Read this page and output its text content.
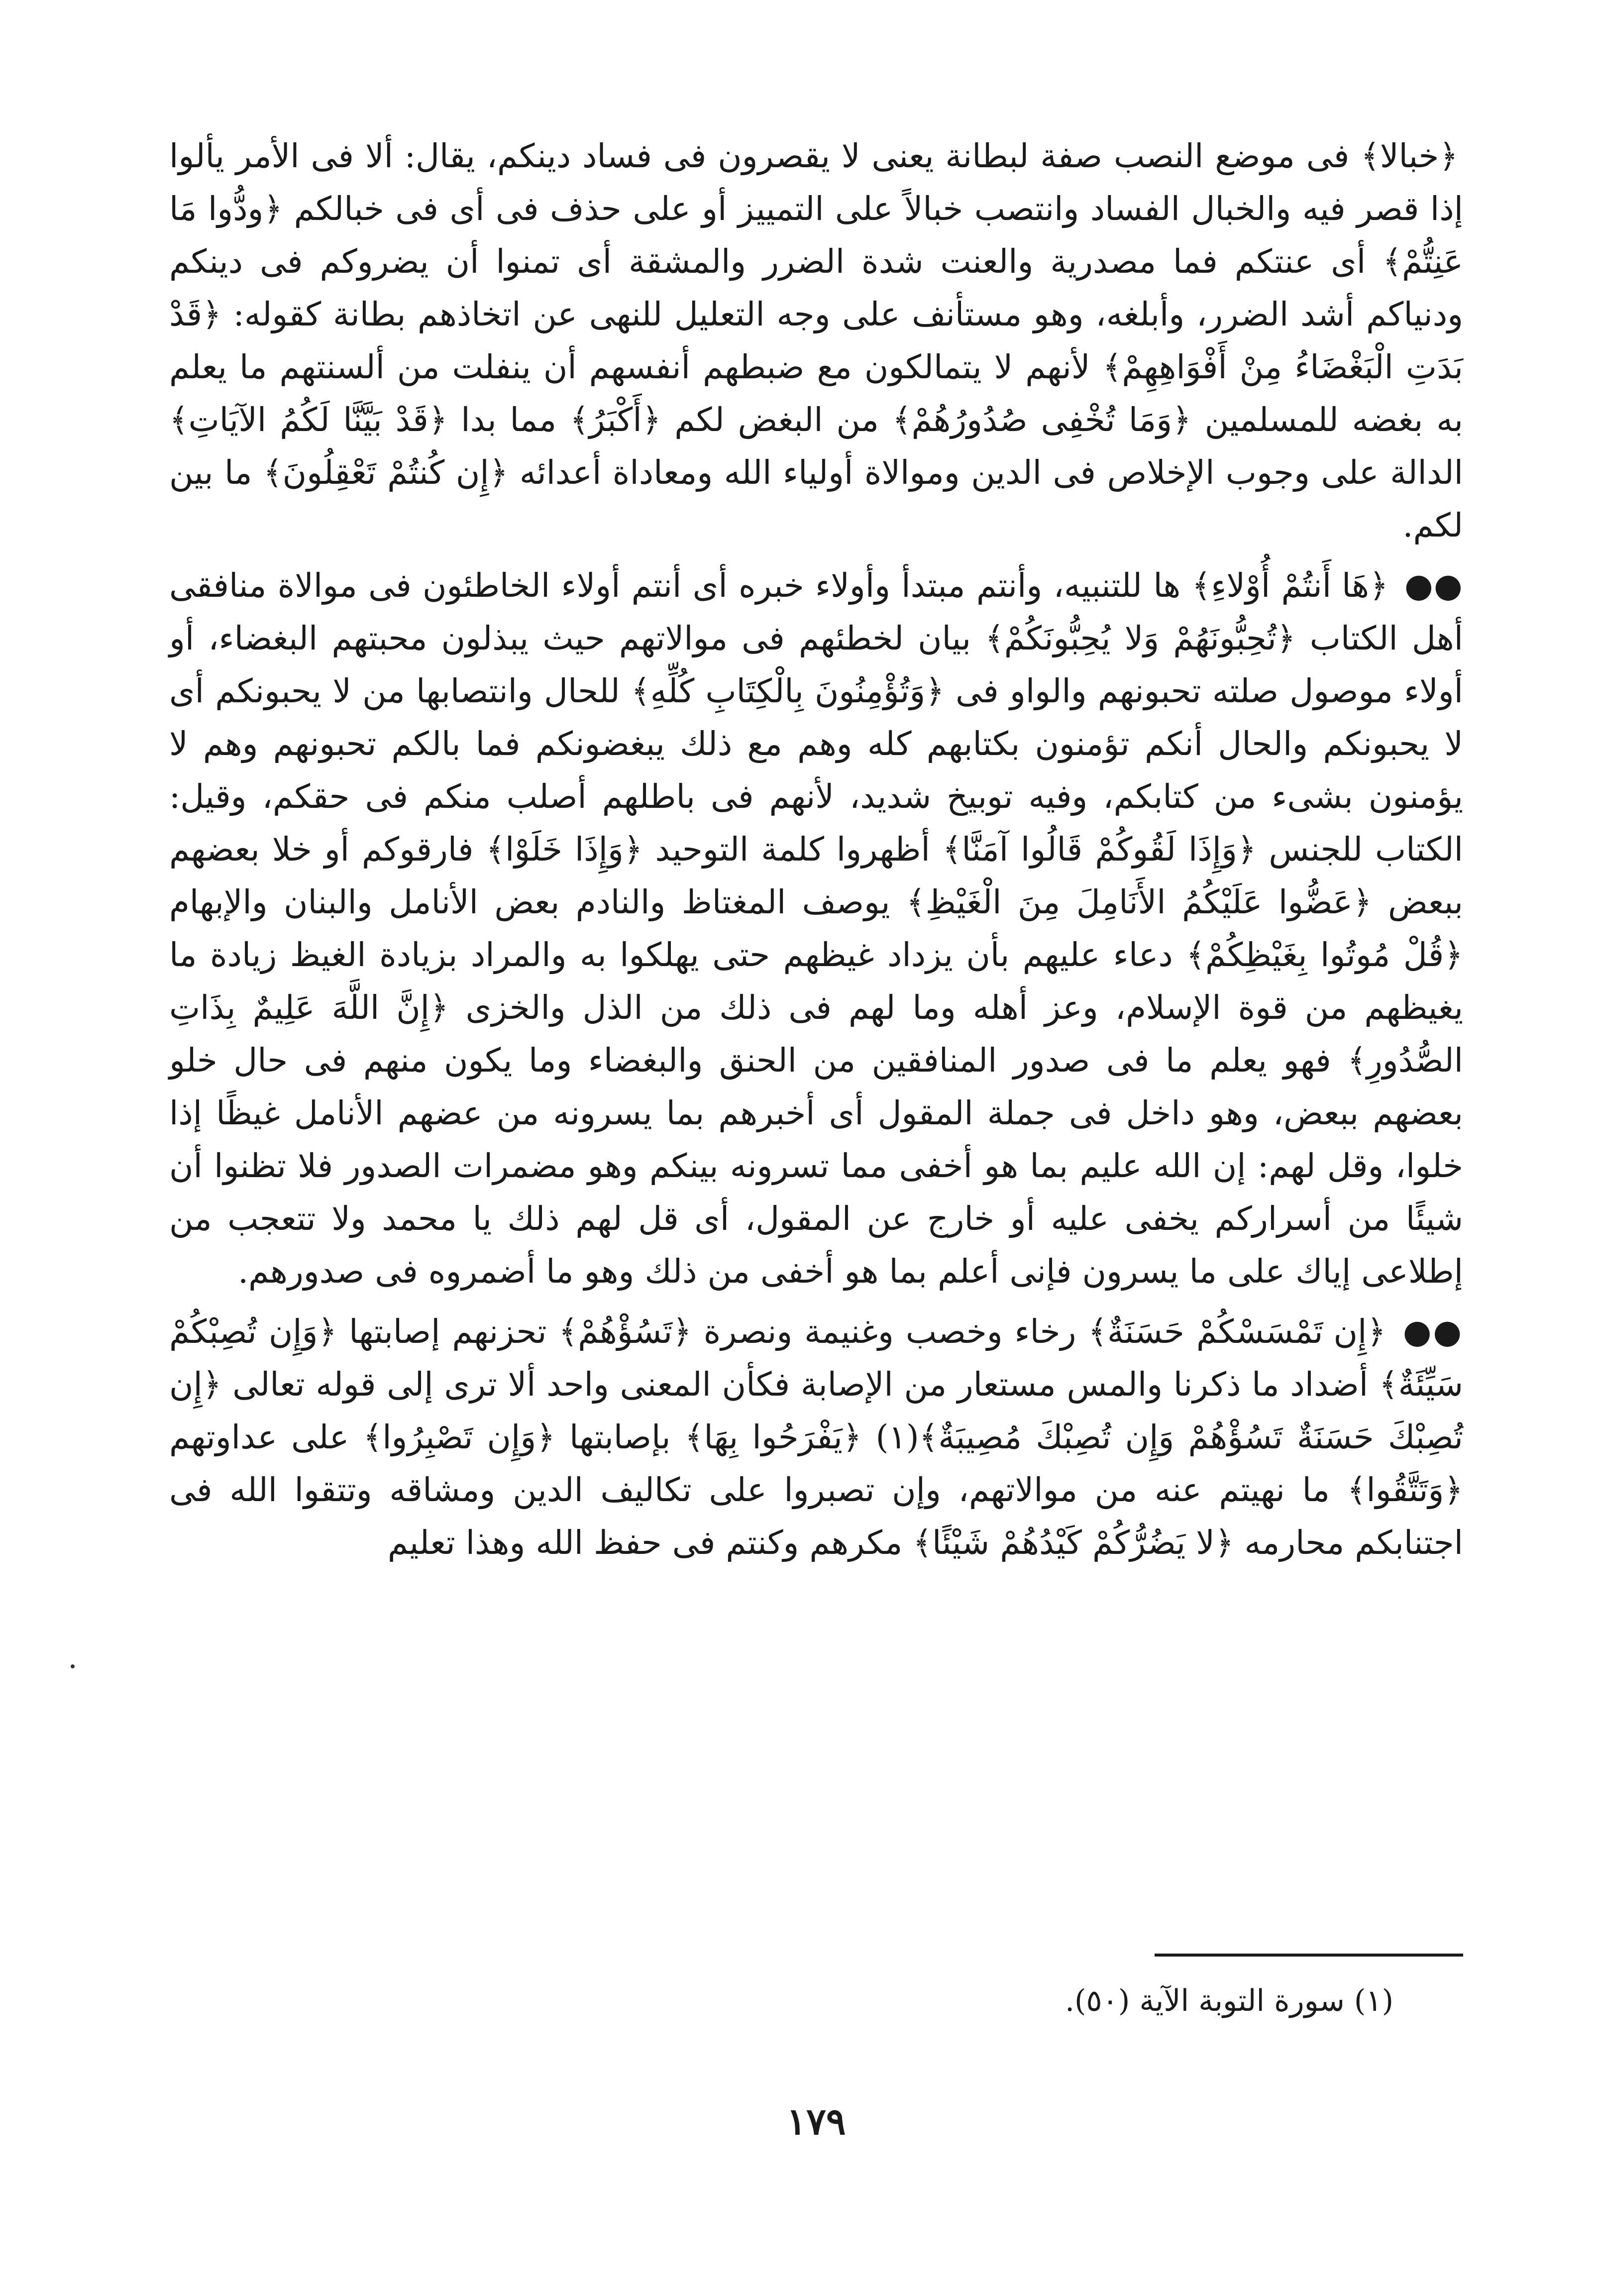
﴿خبالا﴾ فى موضع النصب صفة لبطانة يعنى لا يقصرون فى فساد دينكم، يقال: ألا فى الأمر يألوا إذا قصر فيه والخبال الفساد وانتصب خبالاً على التمييز أو على حذف فى أى فى خبالكم ﴿ودُّوا مَا عَنِتُّمْ﴾ أى عنتكم فما مصدرية والعنت شدة الضرر والمشقة أى تمنوا أن يضروكم فى دينكم ودنياكم أشد الضرر، وأبلغه، وهو مستأنف على وجه التعليل للنهى عن اتخاذهم بطانة كقوله: ﴿قَدْ بَدَتِ الْبَغْضَاءُ مِنْ أَفْوَاهِهِمْ﴾ لأنهم لا يتمالكون مع ضبطهم أنفسهم أن ينفلت من ألسنتهم ما يعلم به بغضه للمسلمين ﴿وَمَا تُخْفِى صُدُورُهُمْ﴾ من البغض لكم ﴿أَكْبَرُ﴾ مما بدا ﴿قَدْ بَيَّنَّا لَكُمُ الآيَاتِ﴾ الدالة على وجوب الإخلاص فى الدين وموالاة أولياء الله ومعاداة أعدائه ﴿إِن كُنتُمْ تَعْقِلُونَ﴾ ما بين لكم.

●● ﴿هَا أَنتُمْ أُوْلاءِ﴾ ها للتنبيه، وأنتم مبتدأ وأولاء خبره أى أنتم أولاء الخاطئون فى موالاة منافقى أهل الكتاب ﴿تُحِبُّونَهُمْ وَلا يُحِبُّونَكُمْ﴾ بيان لخطئهم فى موالاتهم حيث يبذلون محبتهم البغضاء، أو أولاء موصول صلته تحبونهم والواو فى ﴿وَتُؤْمِنُونَ بِالْكِتَابِ كُلِّهِ﴾ للحال وانتصابها من لا يحبونكم أى لا يحبونكم والحال أنكم تؤمنون بكتابهم كله وهم مع ذلك يبغضونكم فما بالكم تحبونهم وهم لا يؤمنون بشىء من كتابكم، وفيه توبيخ شديد، لأنهم فى باطلهم أصلب منكم فى حقكم، وقيل: الكتاب للجنس ﴿وَإِذَا لَقُوكُمْ قَالُوا آمَنَّا﴾ أظهروا كلمة التوحيد ﴿وَإِذَا خَلَوْا﴾ فارقوكم أو خلا بعضهم ببعض ﴿عَضُّوا عَلَيْكُمُ الأَنَامِلَ مِنَ الْغَيْظِ﴾ يوصف المغتاظ والنادم بعض الأنامل والبنان والإبهام ﴿قُلْ مُوتُوا بِغَيْظِكُمْ﴾ دعاء عليهم بأن يزداد غيظهم حتى يهلكوا به والمراد بزيادة الغيظ زيادة ما يغيظهم من قوة الإسلام، وعز أهله وما لهم فى ذلك من الذل والخزى ﴿إِنَّ اللَّهَ عَلِيمٌ بِذَاتِ الصُّدُورِ﴾ فهو يعلم ما فى صدور المنافقين من الحنق والبغضاء وما يكون منهم فى حال خلو بعضهم ببعض، وهو داخل فى جملة المقول أى أخبرهم بما يسرونه من عضهم الأنامل غيظًا إذا خلوا، وقل لهم: إن الله عليم بما هو أخفى مما تسرونه بينكم وهو مضمرات الصدور فلا تظنوا أن شيئًا من أسراركم يخفى عليه أو خارج عن المقول، أى قل لهم ذلك يا محمد ولا تتعجب من إطلاعى إياك على ما يسرون فإنى أعلم بما هو أخفى من ذلك وهو ما أضمروه فى صدورهم.

●● ﴿إِن تَمْسَسْكُمْ حَسَنَةٌ﴾ رخاء وخصب وغنيمة ونصرة ﴿تَسُؤْهُمْ﴾ تحزنهم إصابتها ﴿وَإِن تُصِبْكُمْ سَيِّئَةٌ﴾ أضداد ما ذكرنا والمس مستعار من الإصابة فكأن المعنى واحد ألا ترى إلى قوله تعالى ﴿إِن تُصِبْكَ حَسَنَةٌ تَسُؤْهُمْ وَإِن تُصِبْكَ مُصِيبَةٌ﴾(١) ﴿يَفْرَحُوا بِهَا﴾ بإصابتها ﴿وَإِن تَصْبِرُوا﴾ على عداوتهم ﴿وَتَتَّقُوا﴾ ما نهيتم عنه من موالاتهم، وإن تصبروا على تكاليف الدين ومشاقه وتتقوا الله فى اجتنابكم محارمه ﴿لا يَضُرُّكُمْ كَيْدُهُمْ شَيْئًا﴾ مكرهم وكنتم فى حفظ الله وهذا تعليم

(١) سورة التوبة الآية (٥٠).
١٧٩
